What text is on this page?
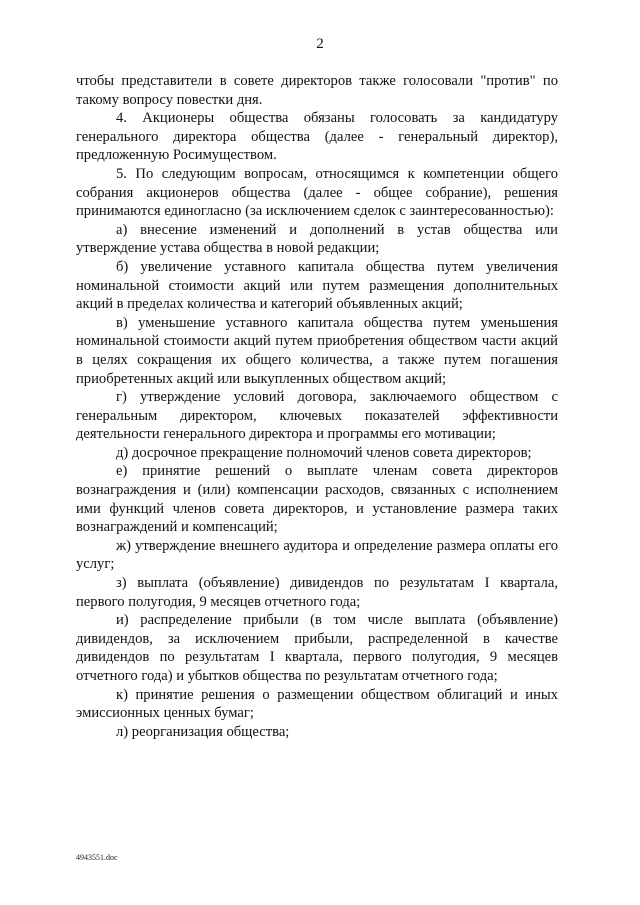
2

чтобы представители в совете директоров также голосовали "против" по такому вопросу повестки дня.

4. Акционеры общества обязаны голосовать за кандидатуру генерального директора общества (далее - генеральный директор), предложенную Росимуществом.

5. По следующим вопросам, относящимся к компетенции общего собрания акционеров общества (далее - общее собрание), решения принимаются единогласно (за исключением сделок с заинтересованностью):

а) внесение изменений и дополнений в устав общества или утверждение устава общества в новой редакции;

б) увеличение уставного капитала общества путем увеличения номинальной стоимости акций или путем размещения дополнительных акций в пределах количества и категорий объявленных акций;

в) уменьшение уставного капитала общества путем уменьшения номинальной стоимости акций путем приобретения обществом части акций в целях сокращения их общего количества, а также путем погашения приобретенных акций или выкупленных обществом акций;

г) утверждение условий договора, заключаемого обществом с генеральным директором, ключевых показателей эффективности деятельности генерального директора и программы его мотивации;

д) досрочное прекращение полномочий членов совета директоров;

е) принятие решений о выплате членам совета директоров вознаграждения и (или) компенсации расходов, связанных с исполнением ими функций членов совета директоров, и установление размера таких вознаграждений и компенсаций;

ж) утверждение внешнего аудитора и определение размера оплаты его услуг;

з) выплата (объявление) дивидендов по результатам I квартала, первого полугодия, 9 месяцев отчетного года;

и) распределение прибыли (в том числе выплата (объявление) дивидендов, за исключением прибыли, распределенной в качестве дивидендов по результатам I квартала, первого полугодия, 9 месяцев отчетного года) и убытков общества по результатам отчетного года;

к) принятие решения о размещении обществом облигаций и иных эмиссионных ценных бумаг;

л) реорганизация общества;

4943551.doc
